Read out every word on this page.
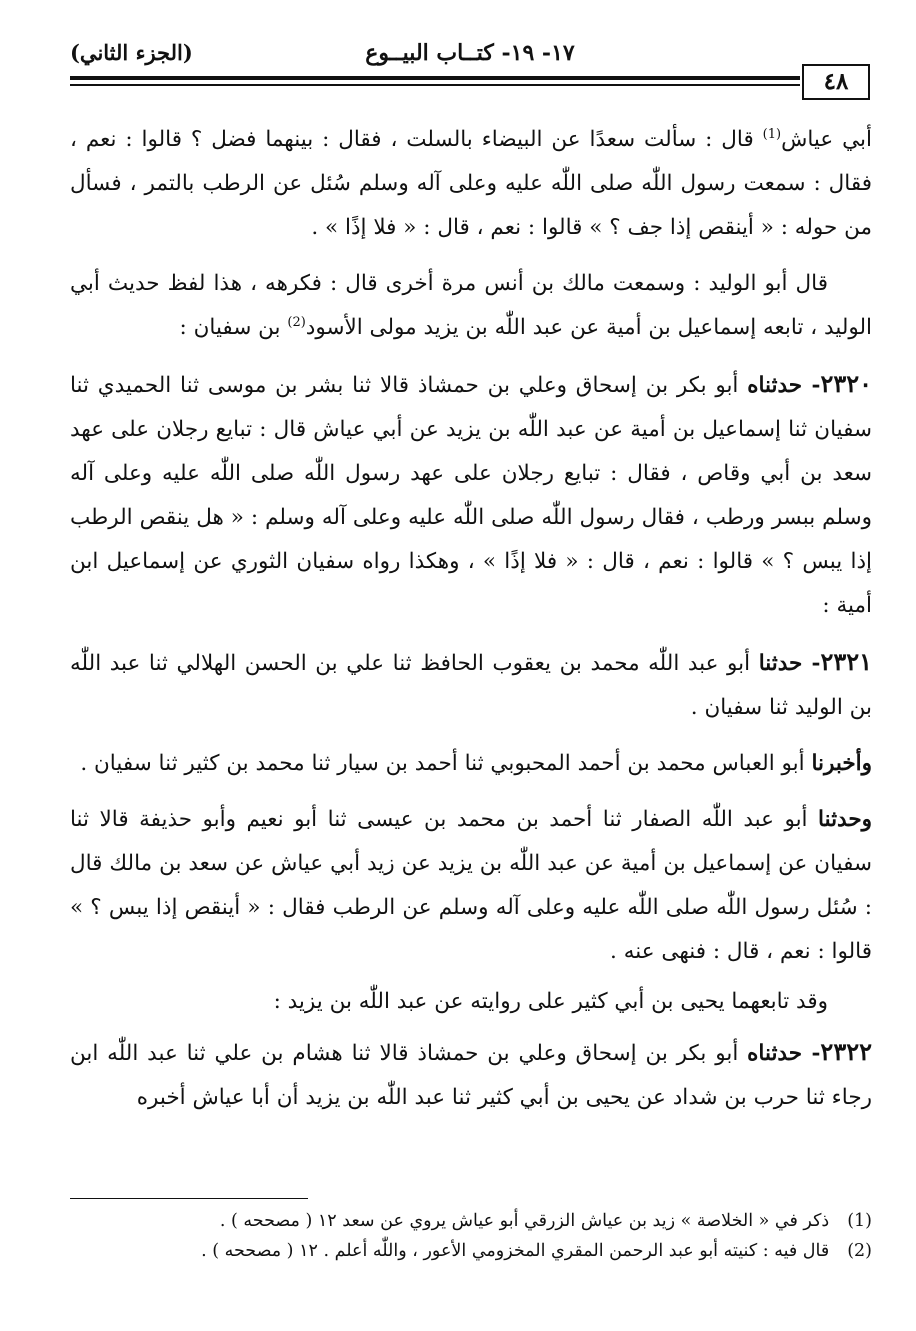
١٧- ١٩- كتــاب البيــوع
(الجزء الثاني)
٤٨

أبي عياش$^{(1)}$ قال : سألت سعدًا عن البيضاء بالسلت ، فقال : بينهما فضل ؟ قالوا : نعم ، فقال : سمعت رسول اللّٰه صلى اللّٰه عليه وعلى آله وسلم سُئل عن الرطب بالتمر ، فسأل من حوله : « أينقص إذا جف ؟ » قالوا : نعم ، قال : « فلا إذًا » .

قال أبو الوليد : وسمعت مالك بن أنس مرة أخرى قال : فكرهه ، هذا لفظ حديث أبي الوليد ، تابعه إسماعيل بن أمية عن عبد اللّٰه بن يزيد مولى الأسود$^{(2)}$ بن سفيان :

٢٣٢٠- حدثناه أبو بكر بن إسحاق وعلي بن حمشاذ قالا ثنا بشر بن موسى ثنا الحميدي ثنا سفيان ثنا إسماعيل بن أمية عن عبد اللّٰه بن يزيد عن أبي عياش قال : تبايع رجلان على عهد سعد بن أبي وقاص ، فقال : تبايع رجلان على عهد رسول اللّٰه صلى اللّٰه عليه وعلى آله وسلم ببسر ورطب ، فقال رسول اللّٰه صلى اللّٰه عليه وعلى آله وسلم : « هل ينقص الرطب إذا يبس ؟ » قالوا : نعم ، قال : « فلا إذًا » ، وهكذا رواه سفيان الثوري عن إسماعيل ابن أمية :

٢٣٢١- حدثنا أبو عبد اللّٰه محمد بن يعقوب الحافظ ثنا علي بن الحسن الهلالي ثنا عبد اللّٰه بن الوليد ثنا سفيان .

وأخبرنا أبو العباس محمد بن أحمد المحبوبي ثنا أحمد بن سيار ثنا محمد بن كثير ثنا سفيان .

وحدثنا أبو عبد اللّٰه الصفار ثنا أحمد بن محمد بن عيسى ثنا أبو نعيم وأبو حذيفة قالا ثنا سفيان عن إسماعيل بن أمية عن عبد اللّٰه بن يزيد عن زيد أبي عياش عن سعد بن مالك قال : سُئل رسول اللّٰه صلى اللّٰه عليه وعلى آله وسلم عن الرطب فقال : « أينقص إذا يبس ؟ » قالوا : نعم ، قال : فنهى عنه .

وقد تابعهما يحيى بن أبي كثير على روايته عن عبد اللّٰه بن يزيد :

٢٣٢٢- حدثناه أبو بكر بن إسحاق وعلي بن حمشاذ قالا ثنا هشام بن علي ثنا عبد اللّٰه ابن رجاء ثنا حرب بن شداد عن يحيى بن أبي كثير ثنا عبد اللّٰه بن يزيد أن أبا عياش أخبره

(1)ذكر في « الخلاصة » زيد بن عياش الزرقي أبو عياش يروي عن سعد ١٢ ( مصححه ) .
(2)قال فيه : كنيته أبو عبد الرحمن المقري المخزومي الأعور ، واللّٰه أعلم . ١٢ ( مصححه ) .
